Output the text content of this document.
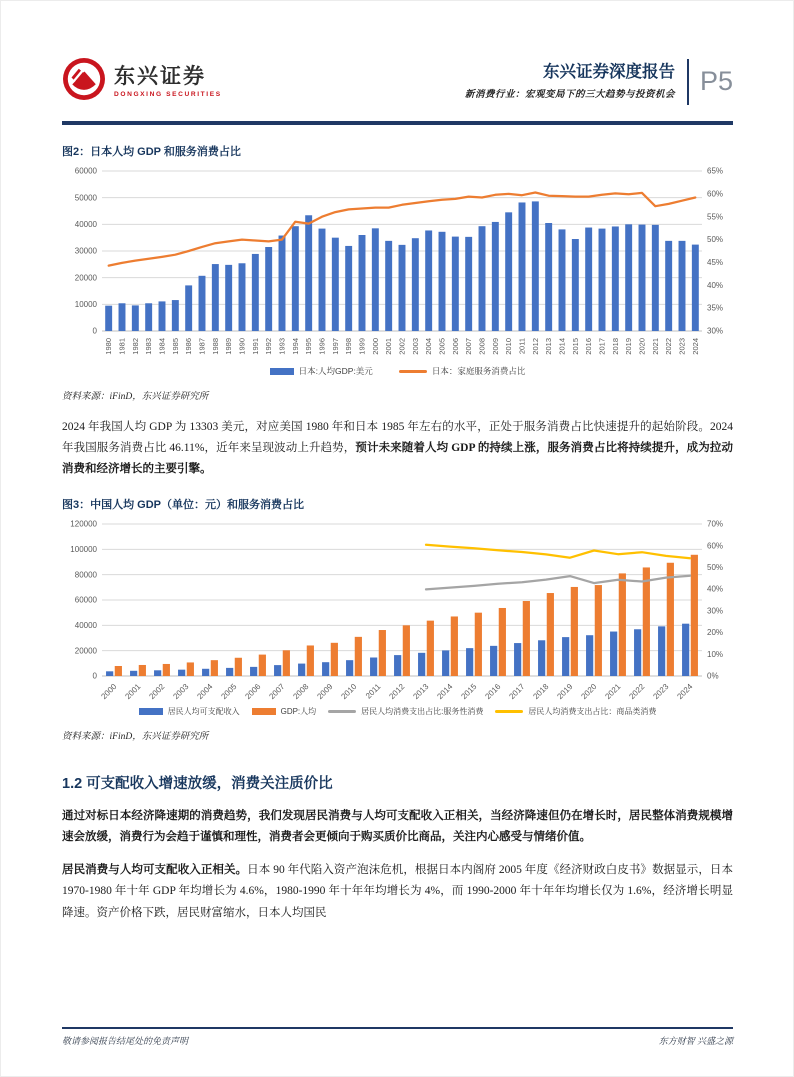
东兴证券
DONGXING SECURITIES
东兴证券深度报告
新消费行业：宏观变局下的三大趋势与投资机会 P5
图2：日本人均 GDP 和服务消费占比
0
10000
20000
30000
40000
50000
60000
30%
35%
40%
45%
50%
55%
60%
65%
1980 1981 1982 1983 1984 1985 1986 1987 1988 1989 1990 1991 1992 1993 1994 1995 1996 1997 1998 1999 2000 2001 2002 2003 2004 2005 2006 2007 2008 2009 2010 2011 2012 2013 2014 2015 2016 2017 2018 2019 2020 2021 2022 2023 2024
日本:人均GDP:美元	日本：家庭服务消费占比
资料来源：iFinD，东兴证券研究所
2024 年我国人均 GDP 为 13303 美元，对应美国 1980 年和日本 1985 年左右的水平，正处于服务消费占比快速提升的起始阶段。2024 年我国服务消费占比 46.11%，近年来呈现波动上升趋势，预计未来随着人均 GDP 的持续上涨，服务消费占比将持续提升，成为拉动消费和经济增长的主要引擎。
图3：中国人均 GDP（单位：元）和服务消费占比
0
20000
40000
60000
80000
100000
120000
0%
10%
20%
30%
40%
50%
60%
70%
2000 2001 2002 2003 2004 2005 2006 2007 2008 2009 2010 2011 2012 2013 2014 2015 2016 2017 2018 2019 2020 2021 2022 2023 2024
居民人均可支配收入	GDP:人均	居民人均消费支出占比:服务性消费	居民人均消费支出占比：商品类消费
资料来源：iFinD，东兴证券研究所
1.2 可支配收入增速放缓，消费关注质价比
通过对标日本经济降速期的消费趋势，我们发现居民消费与人均可支配收入正相关，当经济降速但仍在增长时，居民整体消费规模增速会放缓，消费行为会趋于谨慎和理性，消费者会更倾向于购买质价比商品，关注内心感受与情绪价值。
居民消费与人均可支配收入正相关。日本 90 年代陷入资产泡沫危机，根据日本内阁府 2005 年度《经济财政白皮书》数据显示，日本 1970-1980 年十年 GDP 年均增长为 4.6%，1980-1990 年十年年均增长为 4%，而 1990-2000 年十年年均增长仅为 1.6%，经济增长明显降速。资产价格下跌，居民财富缩水，日本人均国民
敬请参阅报告结尾处的免责声明	东方财智 兴盛之源
